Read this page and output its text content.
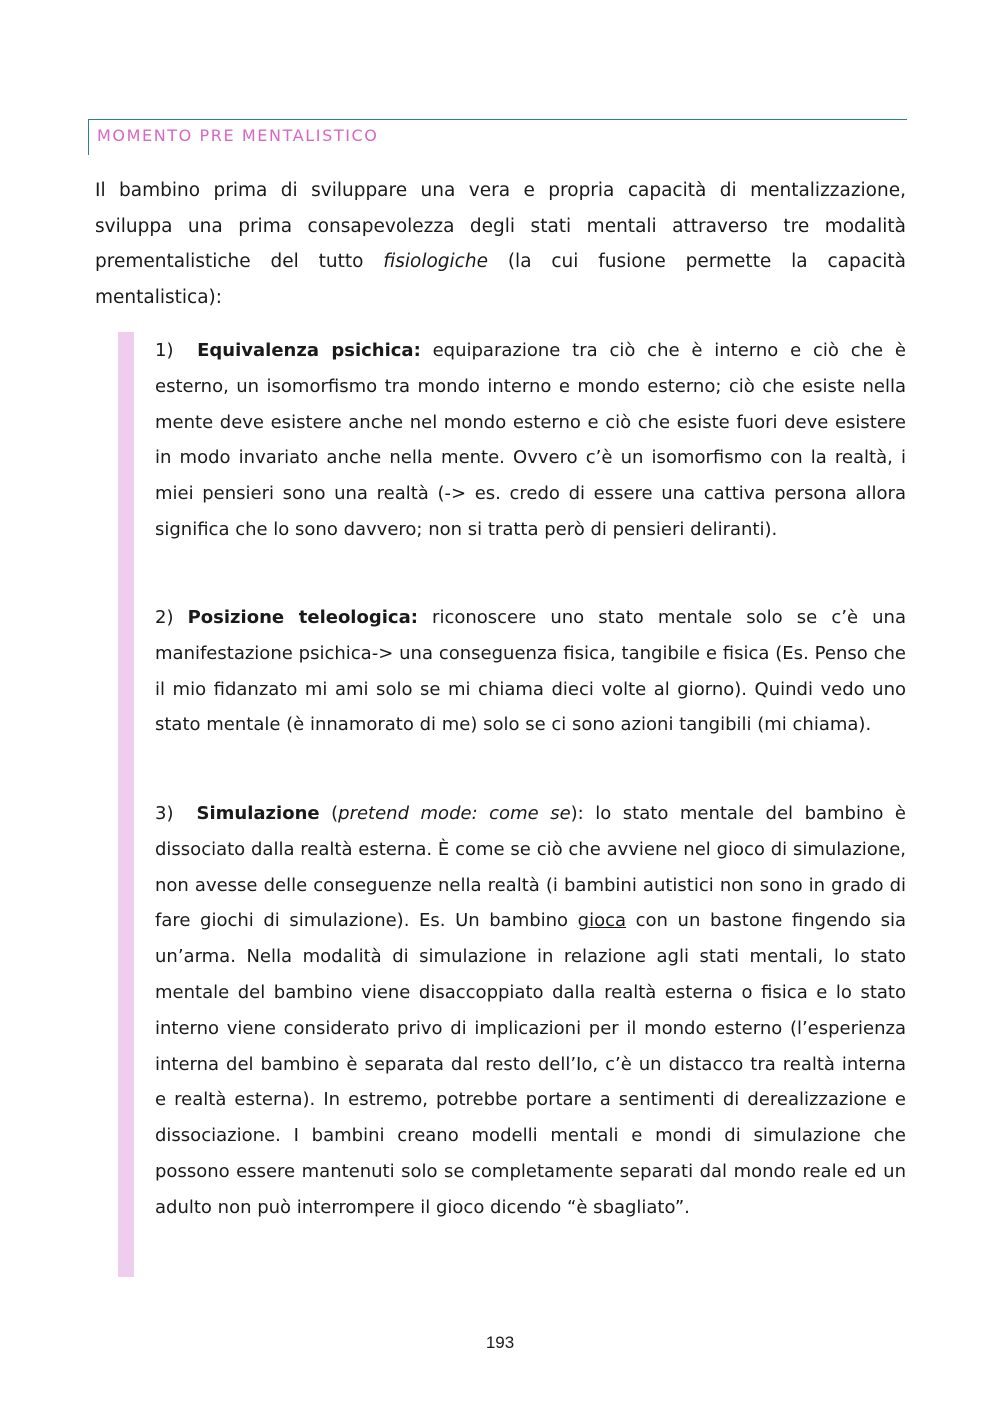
MOMENTO PRE MENTALISTICO

Il bambino prima di sviluppare una vera e propria capacità di mentalizzazione, sviluppa una prima consapevolezza degli stati mentali attraverso tre modalità prementalistiche del tutto fisiologiche (la cui fusione permette la capacità mentalistica):

1) Equivalenza psichica: equiparazione tra ciò che è interno e ciò che è esterno, un isomorfismo tra mondo interno e mondo esterno; ciò che esiste nella mente deve esistere anche nel mondo esterno e ciò che esiste fuori deve esistere in modo invariato anche nella mente. Ovvero c’è un isomorfismo con la realtà, i miei pensieri sono una realtà (-> es. credo di essere una cattiva persona allora significa che lo sono davvero; non si tratta però di pensieri deliranti).

2) Posizione teleologica: riconoscere uno stato mentale solo se c’è una manifestazione psichica-> una conseguenza fisica, tangibile e fisica (Es. Penso che il mio fidanzato mi ami solo se mi chiama dieci volte al giorno). Quindi vedo uno stato mentale (è innamorato di me) solo se ci sono azioni tangibili (mi chiama).

3) Simulazione (pretend mode: come se): lo stato mentale del bambino è dissociato dalla realtà esterna. È come se ciò che avviene nel gioco di simulazione, non avesse delle conseguenze nella realtà (i bambini autistici non sono in grado di fare giochi di simulazione). Es. Un bambino gioca con un bastone fingendo sia un’arma. Nella modalità di simulazione in relazione agli stati mentali, lo stato mentale del bambino viene disaccoppiato dalla realtà esterna o fisica e lo stato interno viene considerato privo di implicazioni per il mondo esterno (l’esperienza interna del bambino è separata dal resto dell’Io, c’è un distacco tra realtà interna e realtà esterna). In estremo, potrebbe portare a sentimenti di derealizzazione e dissociazione. I bambini creano modelli mentali e mondi di simulazione che possono essere mantenuti solo se completamente separati dal mondo reale ed un adulto non può interrompere il gioco dicendo “è sbagliato”.

193
